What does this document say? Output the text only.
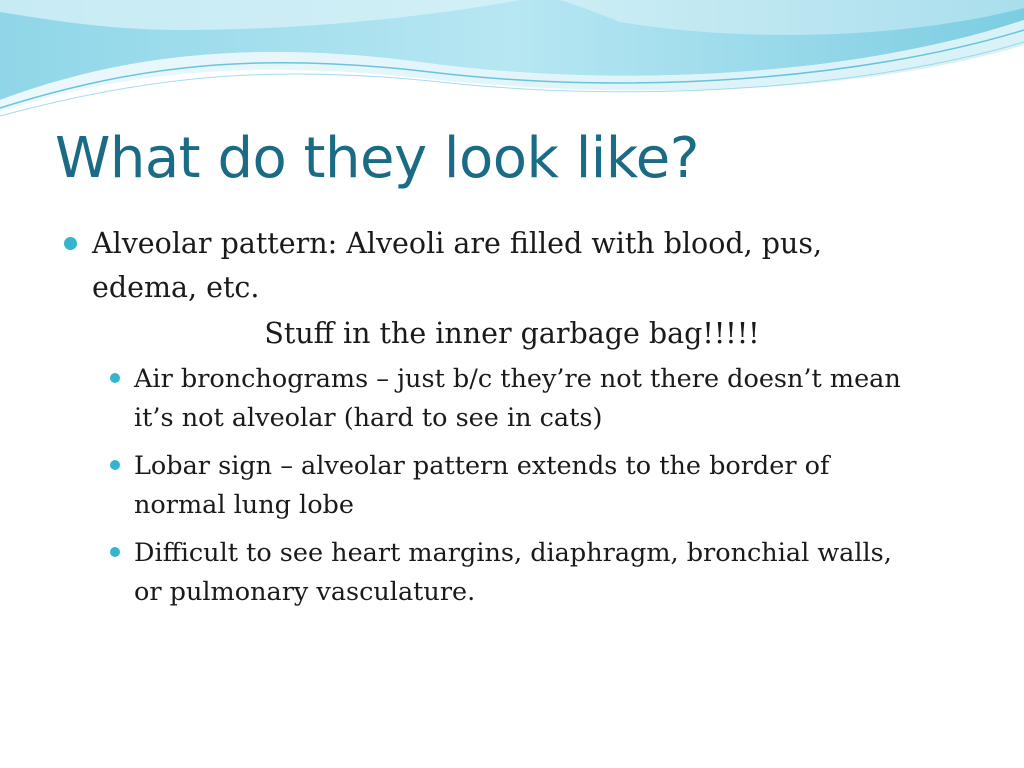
What do they look like?

Alveolar pattern: Alveoli are filled with blood, pus, edema, etc.

Stuff in the inner garbage bag!!!!!

Air bronchograms – just b/c they’re not there doesn’t mean it’s not alveolar (hard to see in cats)
Lobar sign – alveolar pattern extends to the border of normal lung lobe
Difficult to see heart margins, diaphragm, bronchial walls, or pulmonary vasculature.
